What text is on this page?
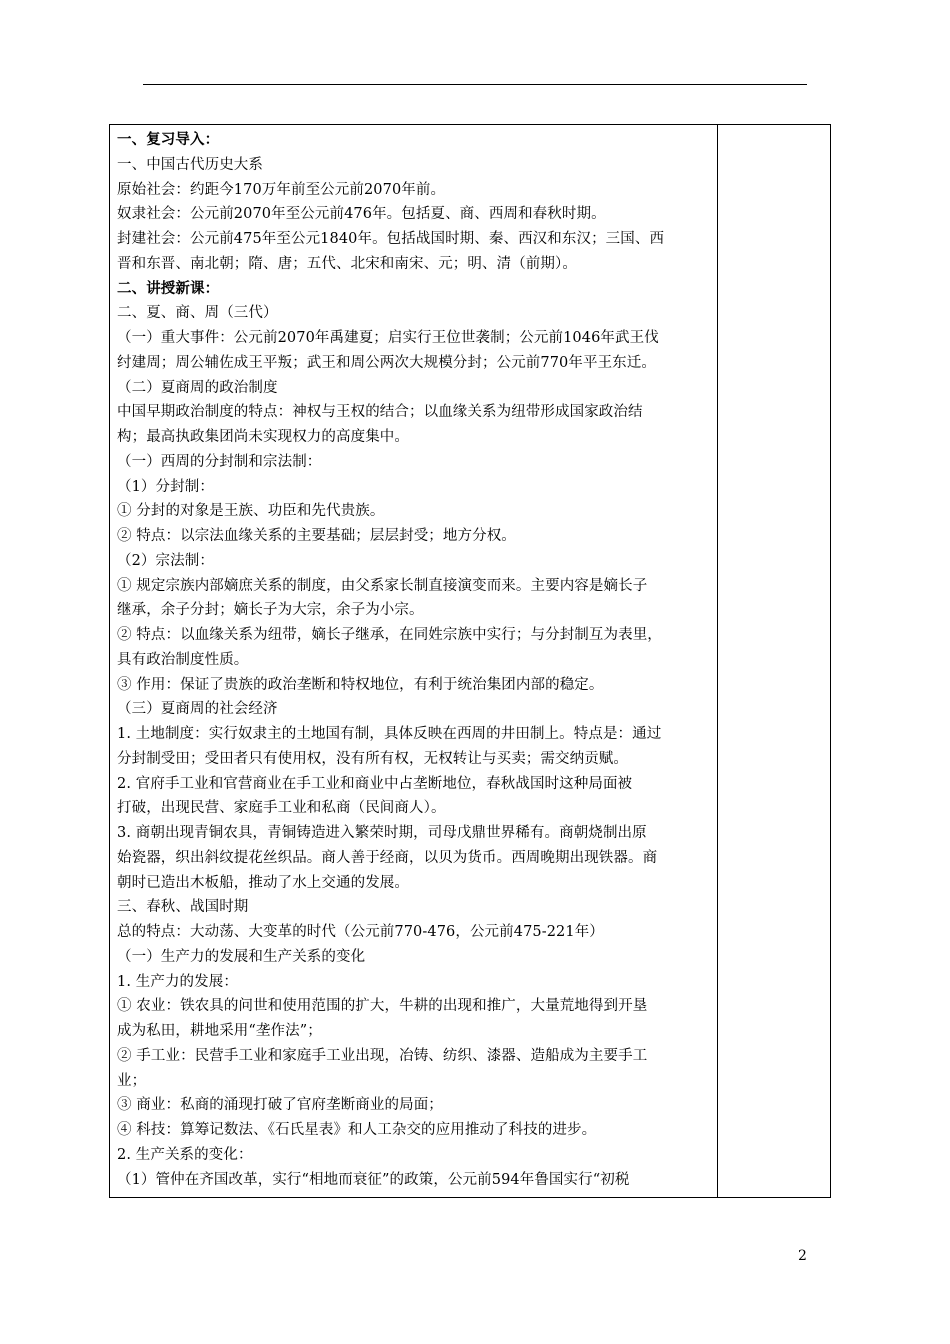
一、复习导入：
一、中国古代历史大系
原始社会：约距今170万年前至公元前2070年前。
奴隶社会：公元前2070年至公元前476年。包括夏、商、西周和春秋时期。
封建社会：公元前475年至公元1840年。包括战国时期、秦、西汉和东汉；三国、西
晋和东晋、南北朝；隋、唐；五代、北宋和南宋、元；明、清（前期）。
二、讲授新课：
二、夏、商、周（三代）
（一）重大事件：公元前2070年禹建夏；启实行王位世袭制；公元前1046年武王伐
纣建周；周公辅佐成王平叛；武王和周公两次大规模分封；公元前770年平王东迁。
（二）夏商周的政治制度
中国早期政治制度的特点：神权与王权的结合；以血缘关系为纽带形成国家政治结
构；最高执政集团尚未实现权力的高度集中。
（一）西周的分封制和宗法制：
（1）分封制：
① 分封的对象是王族、功臣和先代贵族。
② 特点：以宗法血缘关系的主要基础；层层封受；地方分权。
（2）宗法制：
① 规定宗族内部嫡庶关系的制度，由父系家长制直接演变而来。主要内容是嫡长子
继承，余子分封；嫡长子为大宗，余子为小宗。
② 特点：以血缘关系为纽带，嫡长子继承，在同姓宗族中实行；与分封制互为表里，
具有政治制度性质。
③ 作用：保证了贵族的政治垄断和特权地位，有利于统治集团内部的稳定。
（三）夏商周的社会经济
1. 土地制度：实行奴隶主的土地国有制，具体反映在西周的井田制上。特点是：通过
分封制受田；受田者只有使用权，没有所有权，无权转让与买卖；需交纳贡赋。
2. 官府手工业和官营商业在手工业和商业中占垄断地位，春秋战国时这种局面被
打破，出现民营、家庭手工业和私商（民间商人）。
3. 商朝出现青铜农具，青铜铸造进入繁荣时期，司母戊鼎世界稀有。商朝烧制出原
始瓷器，织出斜纹提花丝织品。商人善于经商，以贝为货币。西周晚期出现铁器。商
朝时已造出木板船，推动了水上交通的发展。
三、春秋、战国时期
总的特点：大动荡、大变革的时代（公元前770-476，公元前475-221年）
（一）生产力的发展和生产关系的变化
1. 生产力的发展：
① 农业：铁农具的问世和使用范围的扩大，牛耕的出现和推广，大量荒地得到开垦
成为私田，耕地采用“垄作法”；
② 手工业：民营手工业和家庭手工业出现，冶铸、纺织、漆器、造船成为主要手工
业；
③ 商业：私商的涌现打破了官府垄断商业的局面；
④ 科技：算筹记数法、《石氏星表》和人工杂交的应用推动了科技的进步。
2. 生产关系的变化：
（1）管仲在齐国改革，实行“相地而衰征”的政策，公元前594年鲁国实行“初税
2
